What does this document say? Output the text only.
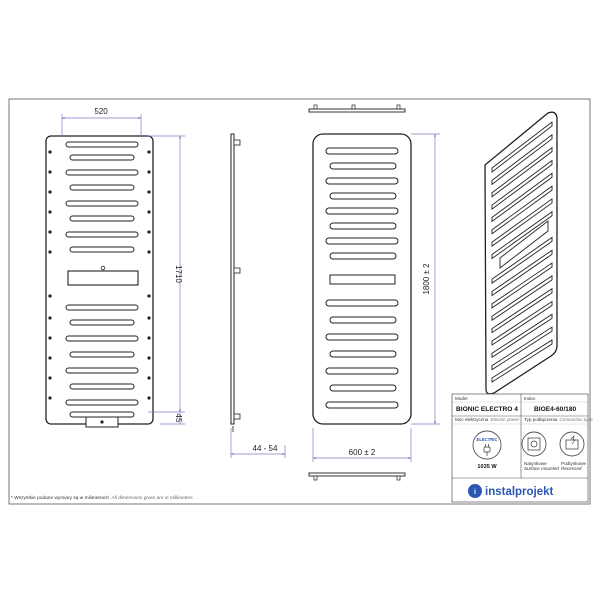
520
1710
45
44 - 54
1800 ± 2
600 ± 2
Model
BIONIC ELECTRO 4
Index
BIOE4-60/180
Moc elektryczna Electric power Typ podłączenia Connection type
ELECTRIC
1035 W
Natynkowe
Surface mounted
Podtynkowe
Recessed
i instalprojekt
* Wszystkie podane wymiary są w milimetrach All dimensions given are in millimeters
